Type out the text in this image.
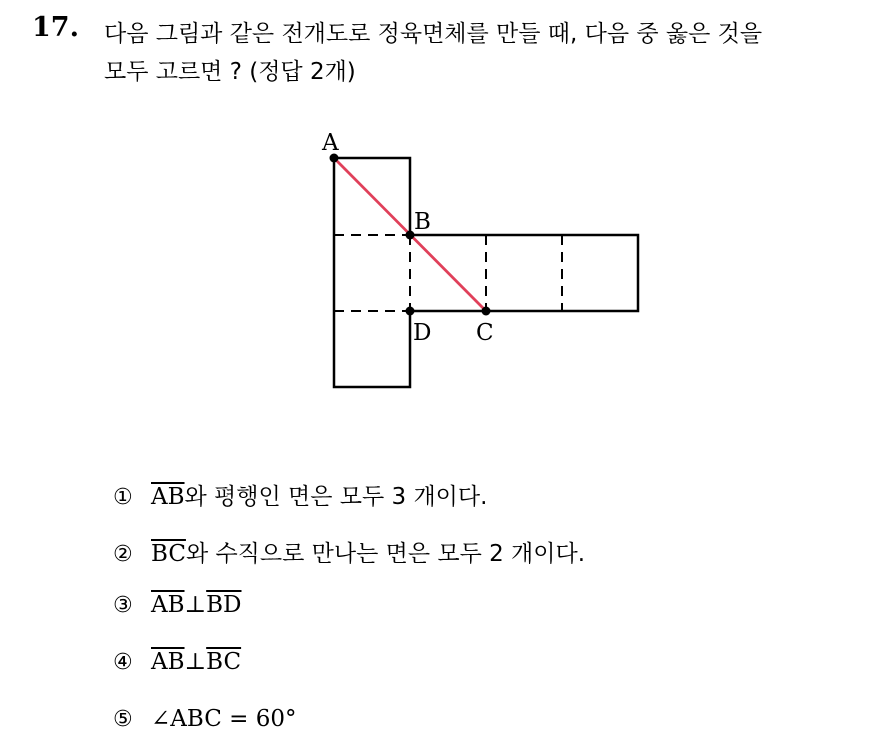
17. 다음 그림과 같은 전개도로 정육면체를 만들 때, 다음 중 옳은 것을
모두 고르면 ? (정답 2개)
A
B
C
D
① $\overline{AB}$ 와 평행인 면은 모두 3 개이다.
② $\overline{BC}$ 와 수직으로 만나는 면은 모두 2 개이다.
③ $\overline{AB}$ ⊥ $\overline{BD}$
④ $\overline{AB}$ ⊥ $\overline{BC}$
⑤ ∠ABC = 60°
